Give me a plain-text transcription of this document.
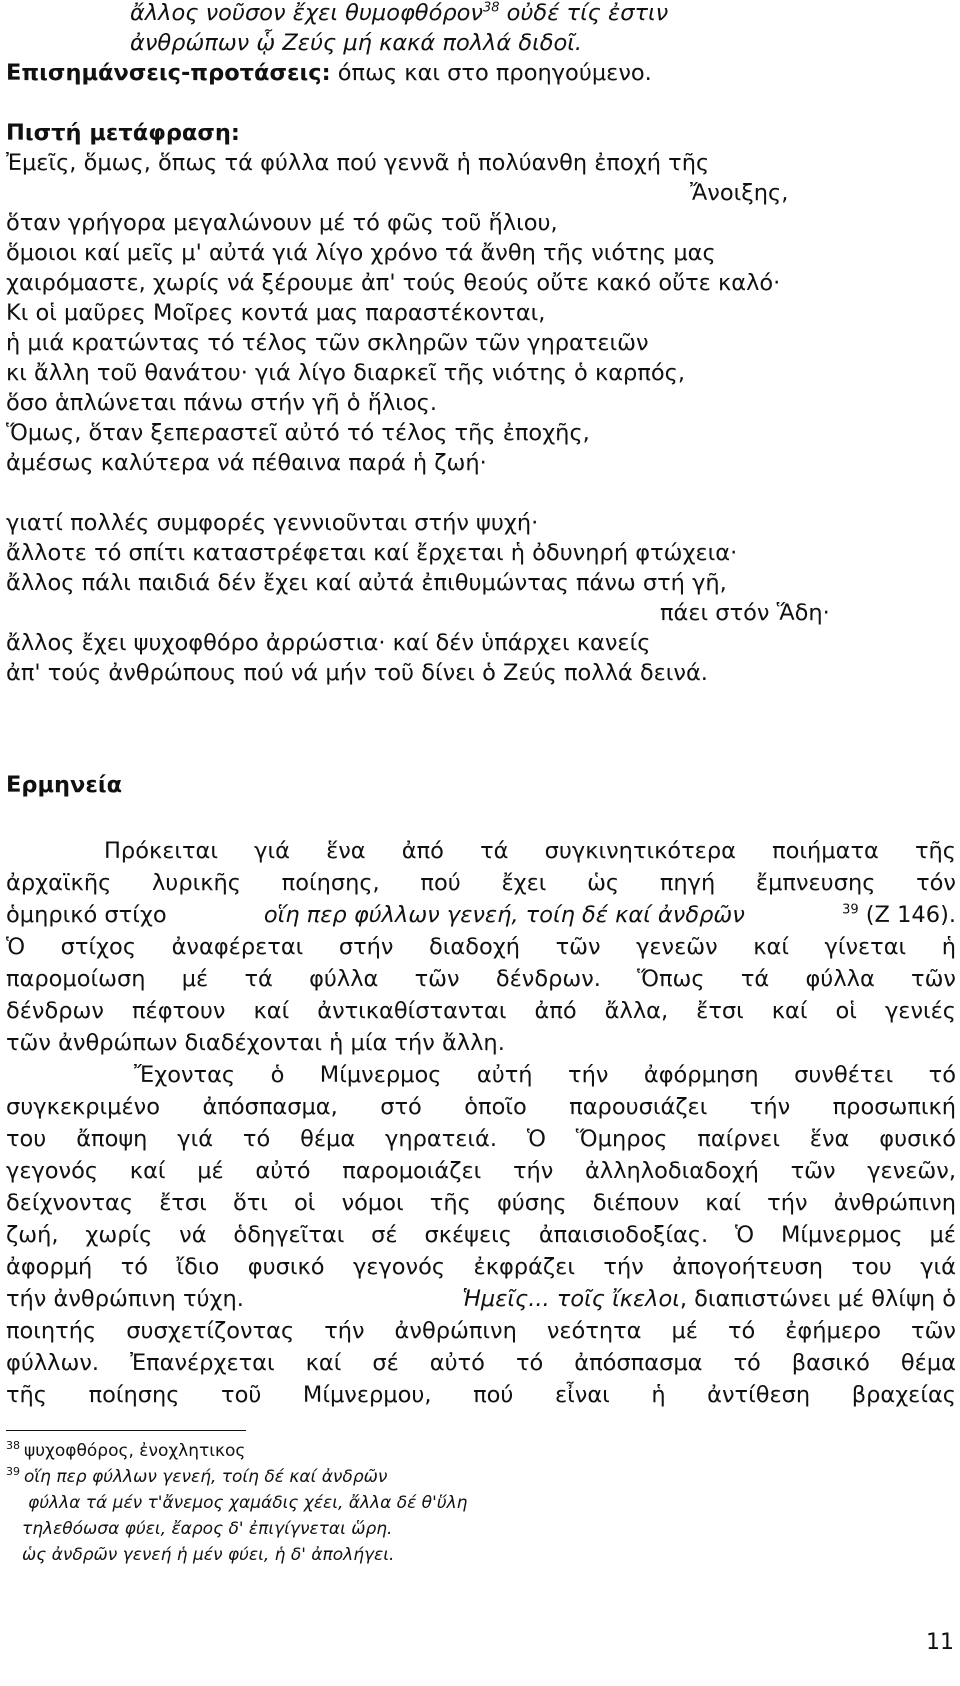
ἄλλος νοῦσον ἔχει θυμοφθόρον$^{38}$ οὐδέ τίς ἐστιν
ἀνθρώπων ᾧ Ζεύς μή κακά πολλά διδοῖ.
Επισημάνσεις-προτάσεις: όπως και στο προηγούμενο.
Πιστή μετάφραση:
Ἐμεῖς, ὅμως, ὅπως τά φύλλα πού γεννᾶ ἡ πολύανθη ἐποχή τῆς
Ἄνοιξης,
ὅταν γρήγορα μεγαλώνουν μέ τό φῶς τοῦ ἥλιου,
ὅμοιοι καί μεῖς μ' αὐτά γιά λίγο χρόνο τά ἄνθη τῆς νιότης μας
χαιρόμαστε, χωρίς νά ξέρουμε ἀπ' τούς θεούς οὔτε κακό οὔτε καλό·
Κι οἱ μαῦρες Μοῖρες κοντά μας παραστέκονται,
ἡ μιά κρατώντας τό τέλος τῶν σκληρῶν τῶν γηρατειῶν
κι ἄλλη τοῦ θανάτου· γιά λίγο διαρκεῖ τῆς νιότης ὁ καρπός,
ὅσο ἁπλώνεται πάνω στήν γῆ ὁ ἥλιος.
Ὅμως, ὅταν ξεπεραστεῖ αὐτό τό τέλος τῆς ἐποχῆς,
ἀμέσως καλύτερα νά πέθαινα παρά ἡ ζωή·
γιατί πολλές συμφορές γεννιοῦνται στήν ψυχή·
ἄλλοτε τό σπίτι καταστρέφεται καί ἔρχεται ἡ ὀδυνηρή φτώχεια·
ἄλλος πάλι παιδιά δέν ἔχει καί αὐτά ἐπιθυμώντας πάνω στή γῆ,
πάει στόν Ἅδη·
ἄλλος ἔχει ψυχοφθόρο ἀρρώστια· καί δέν ὑπάρχει κανείς
ἀπ' τούς ἀνθρώπους πού νά μήν τοῦ δίνει ὁ Ζεύς πολλά δεινά.
Ερμηνεία
Πρόκειται γιά ἕνα ἀπό τά συγκινητικότερα ποιήματα τῆς
ἀρχαϊκῆς λυρικῆς ποίησης, πού ἔχει ὡς πηγή ἔμπνευσης τόν
ὁμηρικό στίχο	οἵη περ φύλλων γενεή, τοίη δέ καί ἀνδρῶν	$^{39}$ (Ζ 146).
Ὁ στίχος ἀναφέρεται στήν διαδοχή τῶν γενεῶν καί γίνεται ἡ
παρομοίωση μέ τά φύλλα τῶν δένδρων. Ὅπως τά φύλλα τῶν
δένδρων πέφτουν καί ἀντικαθίστανται ἀπό ἄλλα, ἔτσι καί οἱ γενιές
τῶν ἀνθρώπων διαδέχονται ἡ μία τήν ἄλλη.
Ἔχοντας ὁ Μίμνερμος αὐτή τήν ἀφόρμηση συνθέτει τό
συγκεκριμένο ἀπόσπασμα, στό ὁποῖο παρουσιάζει τήν προσωπική
του ἄποψη γιά τό θέμα γηρατειά. Ὁ Ὅμηρος παίρνει ἕνα φυσικό
γεγονός καί μέ αὐτό παρομοιάζει τήν ἀλληλοδιαδοχή τῶν γενεῶν,
δείχνοντας ἔτσι ὅτι οἱ νόμοι τῆς φύσης διέπουν καί τήν ἀνθρώπινη
ζωή, χωρίς νά ὁδηγεῖται σέ σκέψεις ἀπαισιοδοξίας. Ὁ Μίμνερμος μέ
ἀφορμή τό ἴδιο φυσικό γεγονός ἐκφράζει τήν ἀπογοήτευση του γιά
τήν ἀνθρώπινη τύχη.	Ἡμεῖς... τοῖς ἴκελοι, διαπιστώνει μέ θλίψη ὁ
ποιητής συσχετίζοντας τήν ἀνθρώπινη νεότητα μέ τό ἐφήμερο τῶν
φύλλων. Ἐπανέρχεται καί σέ αὐτό τό ἀπόσπασμα τό βασικό θέμα
τῆς ποίησης τοῦ Μίμνερμου, πού εἶναι ἡ ἀντίθεση βραχείας
$^{38}$ ψυχοφθόρος, ἐνοχλητικος
$^{39}$ οἵη περ φύλλων γενεή, τοίη δέ καί ἀνδρῶν
φύλλα τά μέν τ'ἄνεμος χαμάδις χέει, ἄλλα δέ θ'ὕλη
τηλεθόωσα φύει, ἔαρος δ' ἐπιγίγνεται ὥρη.
ὡς ἀνδρῶν γενεή ἡ μέν φύει, ἡ δ' ἀπολήγει.
11
